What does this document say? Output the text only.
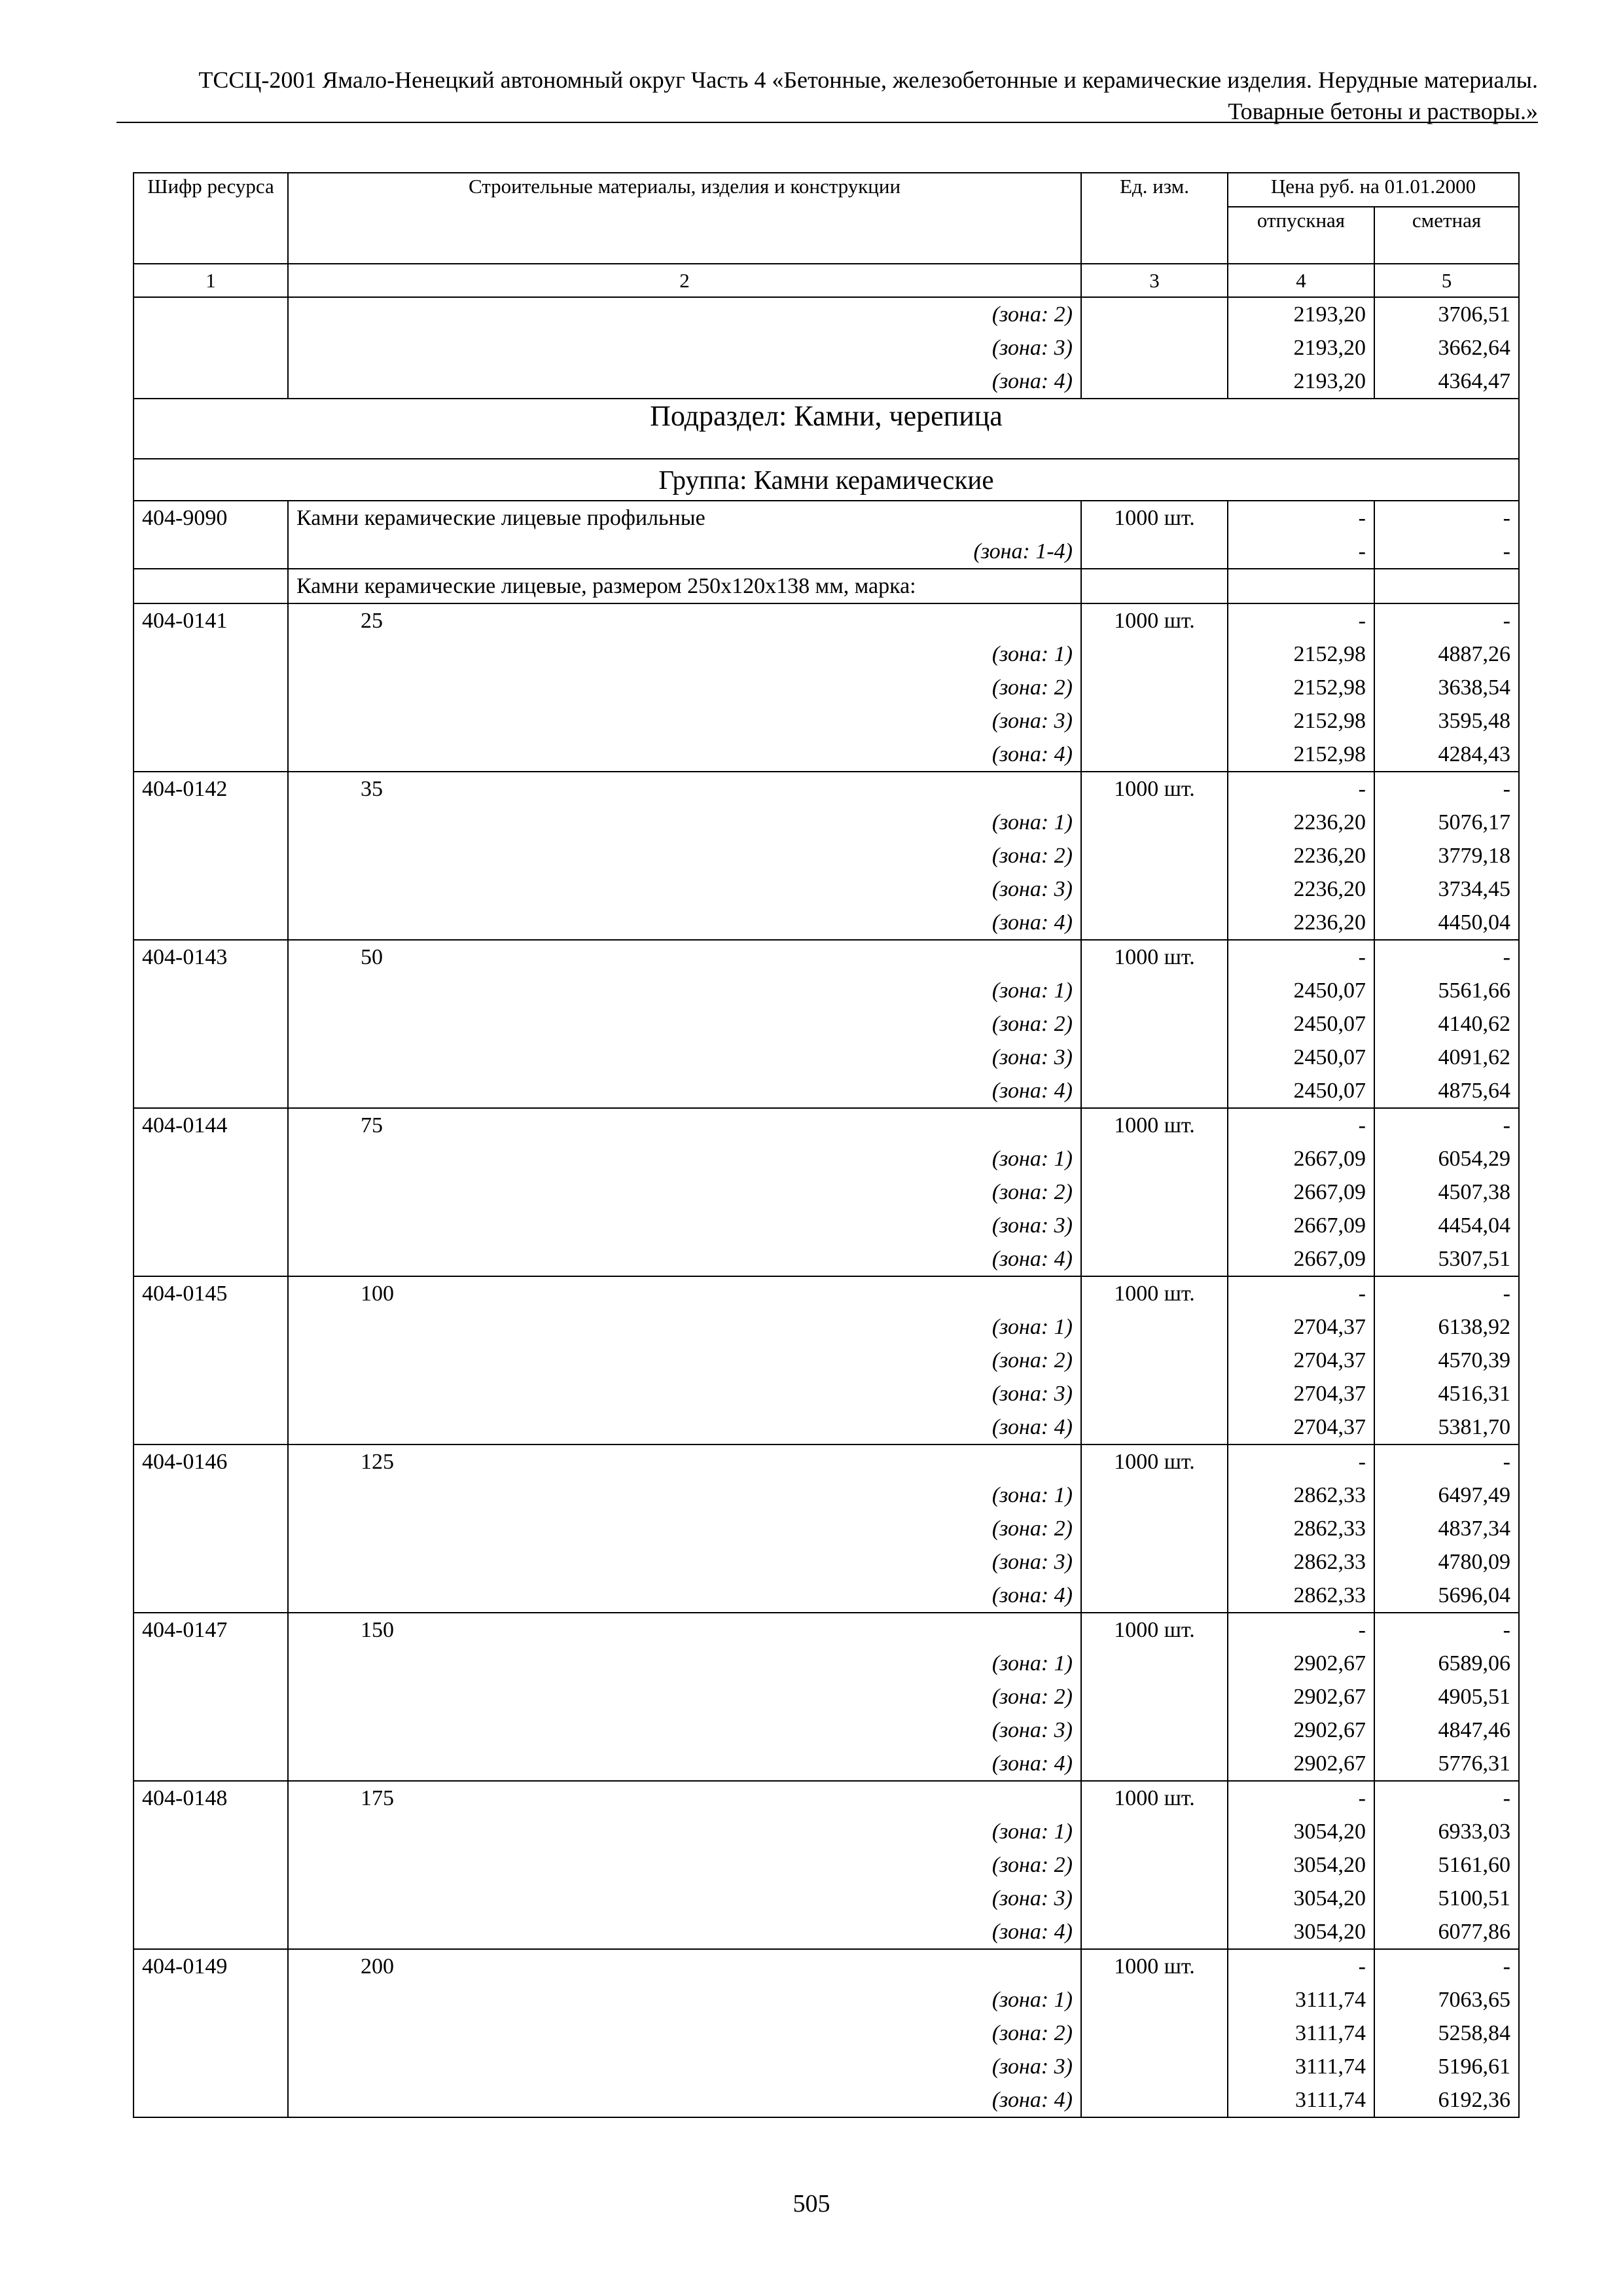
ТССЦ-2001 Ямало-Ненецкий автономный округ Часть 4 «Бетонные, железобетонные и керамические изделия. Нерудные материалы.
Товарные бетоны и растворы.»
Шифр ресурса	Строительные материалы, изделия и конструкции	Ед. изм.	Цена руб. на 01.01.2000	
			отпускная	сметная
1	2	3	4	5
	(зона: 2)		2193,20	3706,51
	(зона: 3)		2193,20	3662,64
	(зона: 4)		2193,20	4364,47
Подраздел: Камни, черепица				
Группа: Камни керамические				
404-9090	Камни керамические лицевые профильные	1000 шт.	-	-
	(зона: 1-4)		-	-
	Камни керамические лицевые, размером 250х120х138 мм, марка:			
404-0141	25	1000 шт.	-	-
	(зона: 1)		2152,98	4887,26
	(зона: 2)		2152,98	3638,54
	(зона: 3)		2152,98	3595,48
	(зона: 4)		2152,98	4284,43
404-0142	35	1000 шт.	-	-
	(зона: 1)		2236,20	5076,17
	(зона: 2)		2236,20	3779,18
	(зона: 3)		2236,20	3734,45
	(зона: 4)		2236,20	4450,04
404-0143	50	1000 шт.	-	-
	(зона: 1)		2450,07	5561,66
	(зона: 2)		2450,07	4140,62
	(зона: 3)		2450,07	4091,62
	(зона: 4)		2450,07	4875,64
404-0144	75	1000 шт.	-	-
	(зона: 1)		2667,09	6054,29
	(зона: 2)		2667,09	4507,38
	(зона: 3)		2667,09	4454,04
	(зона: 4)		2667,09	5307,51
404-0145	100	1000 шт.	-	-
	(зона: 1)		2704,37	6138,92
	(зона: 2)		2704,37	4570,39
	(зона: 3)		2704,37	4516,31
	(зона: 4)		2704,37	5381,70
404-0146	125	1000 шт.	-	-
	(зона: 1)		2862,33	6497,49
	(зона: 2)		2862,33	4837,34
	(зона: 3)		2862,33	4780,09
	(зона: 4)		2862,33	5696,04
404-0147	150	1000 шт.	-	-
	(зона: 1)		2902,67	6589,06
	(зона: 2)		2902,67	4905,51
	(зона: 3)		2902,67	4847,46
	(зона: 4)		2902,67	5776,31
404-0148	175	1000 шт.	-	-
	(зона: 1)		3054,20	6933,03
	(зона: 2)		3054,20	5161,60
	(зона: 3)		3054,20	5100,51
	(зона: 4)		3054,20	6077,86
404-0149	200	1000 шт.	-	-
	(зона: 1)		3111,74	7063,65
	(зона: 2)		3111,74	5258,84
	(зона: 3)		3111,74	5196,61
	(зона: 4)		3111,74	6192,36
505
